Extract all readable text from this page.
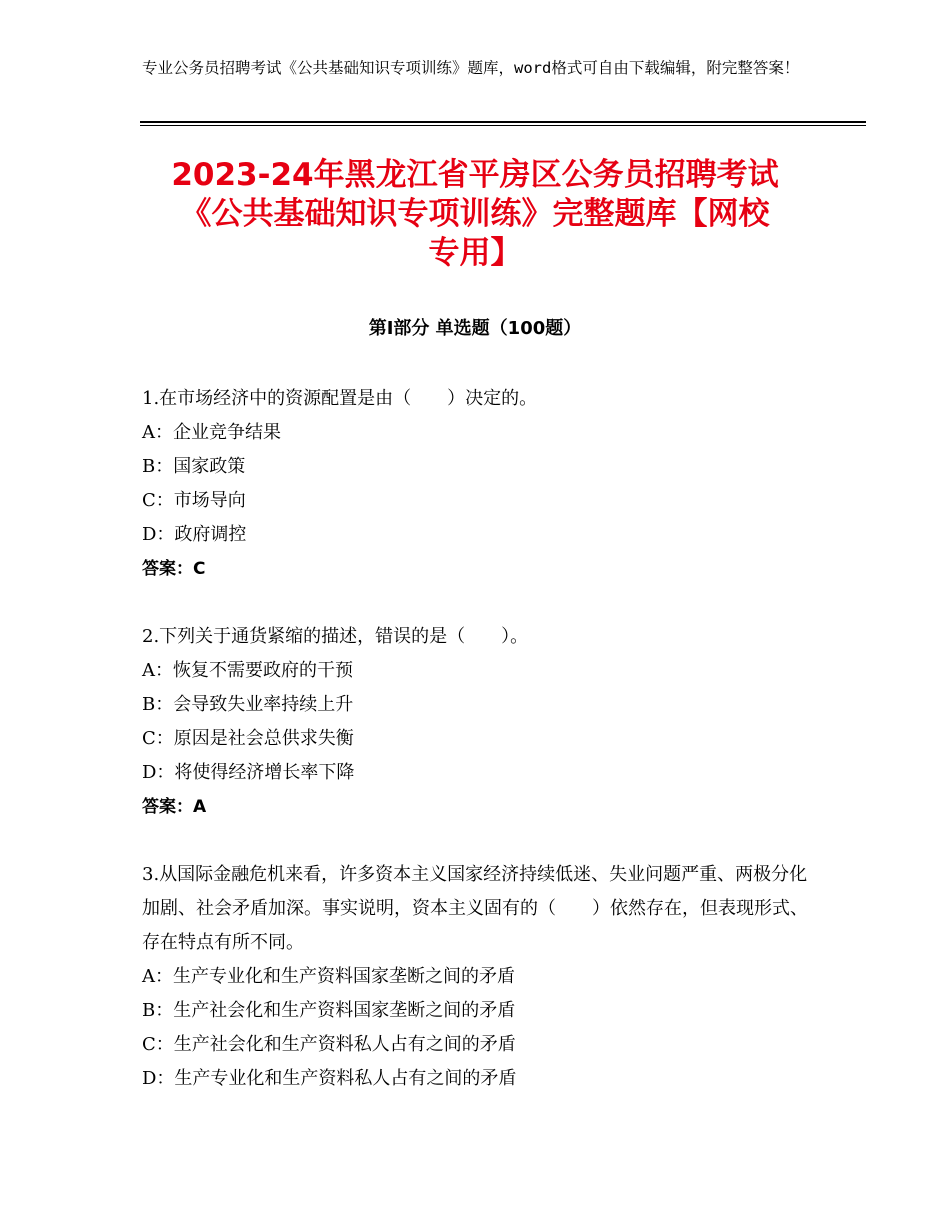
专业公务员招聘考试《公共基础知识专项训练》题库，word格式可自由下载编辑，附完整答案！
2023-24年黑龙江省平房区公务员招聘考试
《公共基础知识专项训练》完整题库【网校
专用】
第Ⅰ部分 单选题（100题）

1.在市场经济中的资源配置是由（　　）决定的。

A：企业竞争结果

B：国家政策

C：市场导向

D：政府调控

答案：C

2.下列关于通货紧缩的描述，错误的是（　　）。

A：恢复不需要政府的干预

B：会导致失业率持续上升

C：原因是社会总供求失衡

D：将使得经济增长率下降

答案：A

3.从国际金融危机来看，许多资本主义国家经济持续低迷、失业问题严重、两极分化加剧、社会矛盾加深。事实说明，资本主义固有的（　　）依然存在，但表现形式、存在特点有所不同。

A：生产专业化和生产资料国家垄断之间的矛盾

B：生产社会化和生产资料国家垄断之间的矛盾

C：生产社会化和生产资料私人占有之间的矛盾

D：生产专业化和生产资料私人占有之间的矛盾
